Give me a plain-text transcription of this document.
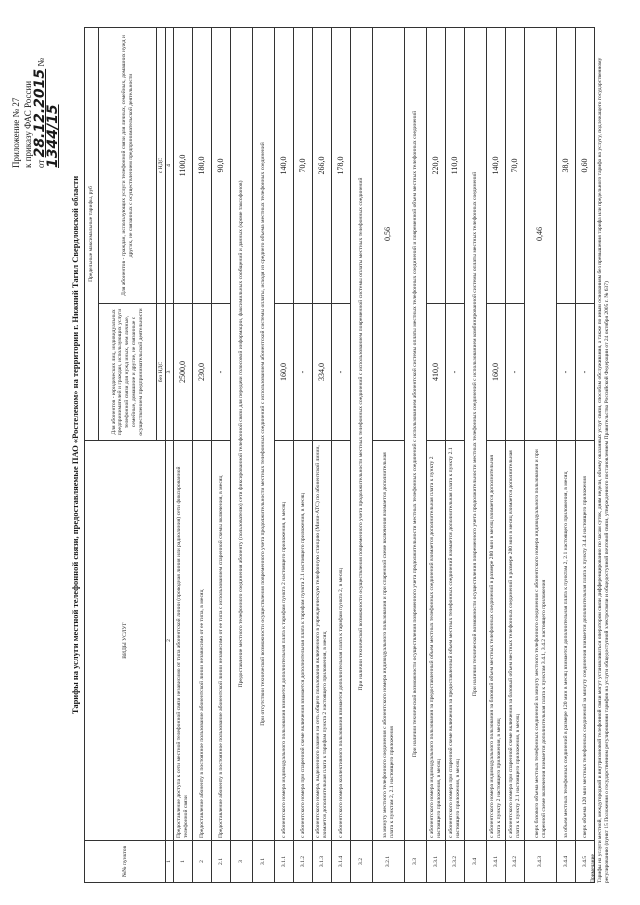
Приложение № 27 к приказу ФАС России от 28.12.2015 № 1344/15
Тарифы на услуги местной телефонной связи, предоставляемые ПАО «Ростелеком» на территории г. Нижний Тагил Свердловской области
№№ пунктов	ВИДЫ УСЛУГ	Предельные максимальные тарифы, руб	
		Для абонентов - юридических лиц, индивидуальных предпринимателей и граждан, использующих услуги телефонной связи для нужд иных, чем личные, семейные, домашние и другие, не связанные с осуществлением предпринимательской деятельности	Для абонентов - граждан, использующих услуги телефонной связи для личных, семейных, домашних нужд и других, не связанных с осуществлением предпринимательской деятельности
		без НДС	с НДС
1	2	3	4
1	Предоставление доступа к сети местной телефонной связи независимо от типа абонентской линии (проводная линия или радиолиния) сети фиксированной телефонной связи	2500,0	1100,0
2	Предоставление абоненту в постоянное пользование абонентской линии независимо от ее типа, в месяц	230,0	180,0
2.1	Предоставление абоненту в постоянное пользование абонентской линии независимо от ее типа с использованием спаренной схемы включения, в месяц	-	90,0
3	Предоставление местного телефонного соединения абоненту (пользователю) сети фиксированной телефонной связи для передачи голосовой информации, факсимильных сообщений и данных (кроме таксофонов)		
3.1	При отсутствии технической возможности осуществления повременного учета продолжительности местных телефонных соединений с использованием абонентской системы оплаты, исходя из среднего объема местных телефонных соединений		
3.1.1	с абонентского номера индивидуального пользования взимается дополнительная плата к тарифам пункта 2 настоящего приложения, в месяц	160,0	140,0
3.1.2	с абонентского номера при спаренной схеме включения взимается дополнительная плата к тарифам пункта 2.1 настоящего приложения, в месяц	-	70,0
3.1.3	с абонентского номера, выделенного взамен на сеть общего пользования включенного в учрежденческую телефонную станцию (Мини-АТС) по абонентской линии, взимается дополнительная плата к тарифам пункта 2 настоящего приложения, в месяц	334,0	266,0
3.1.4	с абонентского номера коллективного пользования взимается дополнительная плата к тарифам пункта 2, в месяц	-	178,0
3.2	При наличии технической возможности осуществления повременного учета продолжительности местных телефонных соединений с использованием повременной системы оплаты местных телефонных соединений		
3.2.1	за минуту местного телефонного соединения с абонентского номера индивидуального пользования и при спаренной схеме включения взимается дополнительная плата к пунктам 2, 2.1 настоящего приложения	0,56	
3.3	При наличии технической возможности осуществления повременного учета продолжительности местных телефонных соединений с использованием абонентской системы оплаты местных телефонных соединений и повременной объем местных телефонных соединений		
3.3.1	с абонентского номера индивидуального пользования за предоставленный объем местных телефонных соединений взимается дополнительная плата к пункту 2 настоящего приложения, в месяц	410,0	220,0
3.3.2	с абонентского номера при спаренной схеме включения за предоставленный объем местных телефонных соединений взимается дополнительная плата к пункту 2.1 настоящего приложения, в месяц	-	110,0
3.4	При наличии технической возможности осуществления повременного учета продолжительности местных телефонных соединений с использованием комбинированной системы оплаты местных телефонных соединений		
3.4.1	с абонентского номера индивидуального пользования за базовый объем местных телефонных соединений в размере 280 мин в месяц взимается дополнительная плата к пункту 2 настоящего приложения, в месяц	160,0	140,0
3.4.2	с абонентского номера при спаренной схеме включения за базовый объем местных телефонных соединений в размере 280 мин в месяц взимается дополнительная плата к пункту 2.1 настоящего приложения, в месяц	-	70,0
3.4.3	сверх базового объема местных телефонных соединений за минуту местного телефонного соединения с абонентского номера индивидуального пользования и при спаренной схеме включения взимается дополнительная плата к пунктам 3.4.1, 3.4.2 настоящего приложения	0,46	
3.4.4	за объем местных телефонных соединений в размере 120 мин в месяц взимается дополнительная плата к пунктам 2, 2.1 настоящего приложения, в месяц	-	38,0
3.4.5	сверх объема 120 мин местных телефонных соединений за минуту соединения взимается дополнительная плата к пункту 3.4.4 настоящего приложения	-	0,60
Примечание Тарифы на услуги местной, междугородной и внутризоновой телефонной связи могут устанавливаться оператором связи дифференцированно по часам суток, дням недели, объему оказанных услуг связи, способам обслуживания, а также по иным основаниям без превышения тарифа или предельного тарифа на услугу, подлежащего государственному регулированию (пункт 15 Положения о государственном регулировании тарифов на услуги общедоступной электросвязи и общедоступной почтовой связи, утвержденного постановлением Правительства Российской Федерации от 24 октября 2005 г. № 637)
